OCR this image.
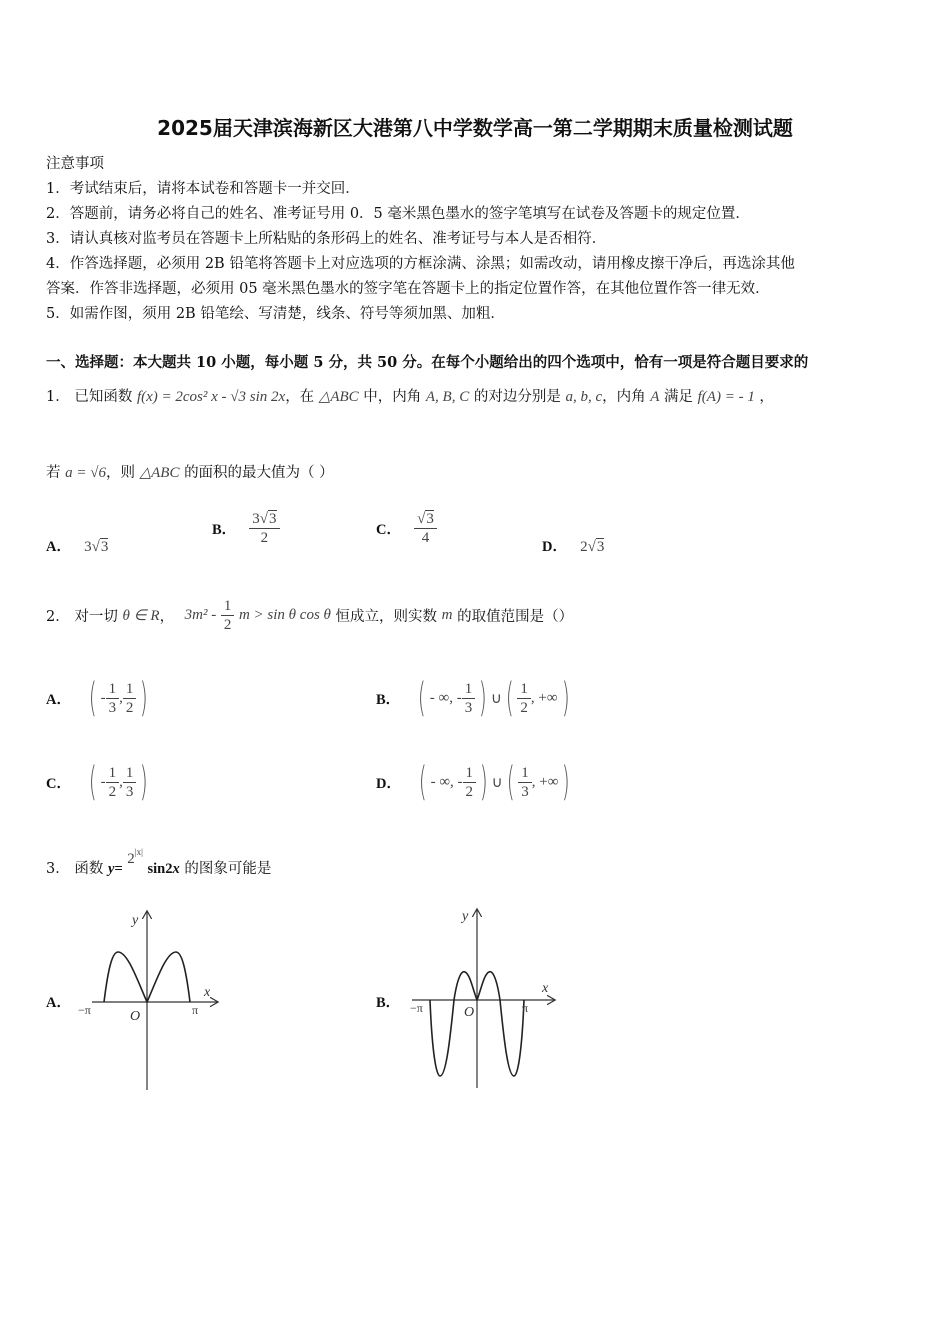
2025届天津滨海新区大港第八中学数学高一第二学期期末质量检测试题
注意事项
1．考试结束后，请将本试卷和答题卡一并交回．
2．答题前，请务必将自己的姓名、准考证号用 0．5 毫米黑色墨水的签字笔填写在试卷及答题卡的规定位置．
3．请认真核对监考员在答题卡上所粘贴的条形码上的姓名、准考证号与本人是否相符．
4．作答选择题，必须用 2B 铅笔将答题卡上对应选项的方框涂满、涂黑；如需改动，请用橡皮擦干净后，再选涂其他
答案．作答非选择题，必须用 05 毫米黑色墨水的签字笔在答题卡上的指定位置作答，在其他位置作答一律无效．
5．如需作图，须用 2B 铅笔绘、写清楚，线条、符号等须加黑、加粗．
一、选择题：本大题共 10 小题，每小题 5 分，共 50 分。在每个小题给出的四个选项中，恰有一项是符合题目要求的
1． 已知函数 f(x) = 2cos² x - √3 sin 2x，在 △ABC 中，内角 A, B, C 的对边分别是 a, b, c，内角 A 满足 f(A) = - 1 ，
若 a = √6，则 △ABC 的面积的最大值为（ ）
A． 3√3
B． $\frac{3√3}{2}$	C． $\frac{√3}{4}$	D． 2√3
2． 对一切 θ ∈ R， $3m^2 - \frac{1}{2}$ m > sin θ cos θ 恒成立，则实数 m 的取值范围是（）
A． ( - $\frac{1}{3}$ , $\frac{1}{2}$ )	B． ( - ∞, - $\frac{1}{3}$ ) ∪ ( $\frac{1}{2}$ , +∞ )
C． ( - $\frac{1}{2}$ , $\frac{1}{3}$ )	D． ( - ∞, - $\frac{1}{2}$ ) ∪ ( $\frac{1}{3}$ , +∞ )
3． 函数 $y= 2^{|x|}$ sin2x 的图象可能是
A．	B．
y
x
O
−π	π
y
x
O
−π	π
